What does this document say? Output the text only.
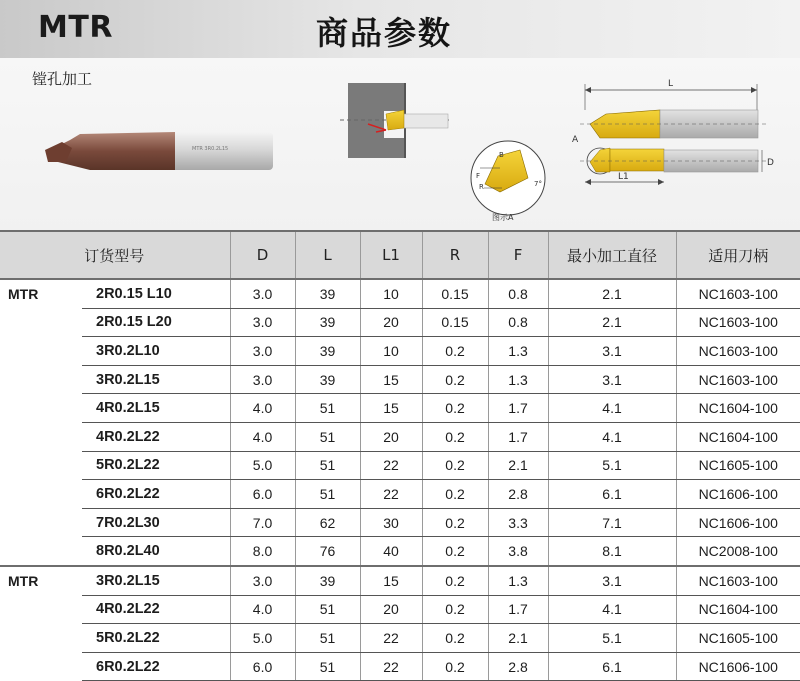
MTR	商品参数
镗孔加工
MTR 3R0.2L15
B
F
R	7°
图示A
L
A
D
L1
订货型号		D	L	L1	R	F	最小加工直径	适用刀柄
MTR	2R0.15 L10	3.0	39	10	0.15	0.8	2.1	NC1603-100
	2R0.15 L20	3.0	39	20	0.15	0.8	2.1	NC1603-100
	3R0.2L10	3.0	39	10	0.2	1.3	3.1	NC1603-100
	3R0.2L15	3.0	39	15	0.2	1.3	3.1	NC1603-100
	4R0.2L15	4.0	51	15	0.2	1.7	4.1	NC1604-100
	4R0.2L22	4.0	51	20	0.2	1.7	4.1	NC1604-100
	5R0.2L22	5.0	51	22	0.2	2.1	5.1	NC1605-100
	6R0.2L22	6.0	51	22	0.2	2.8	6.1	NC1606-100
	7R0.2L30	7.0	62	30	0.2	3.3	7.1	NC1606-100
	8R0.2L40	8.0	76	40	0.2	3.8	8.1	NC2008-100
MTR	3R0.2L15	3.0	39	15	0.2	1.3	3.1	NC1603-100
	4R0.2L22	4.0	51	20	0.2	1.7	4.1	NC1604-100
	5R0.2L22	5.0	51	22	0.2	2.1	5.1	NC1605-100
	6R0.2L22	6.0	51	22	0.2	2.8	6.1	NC1606-100
